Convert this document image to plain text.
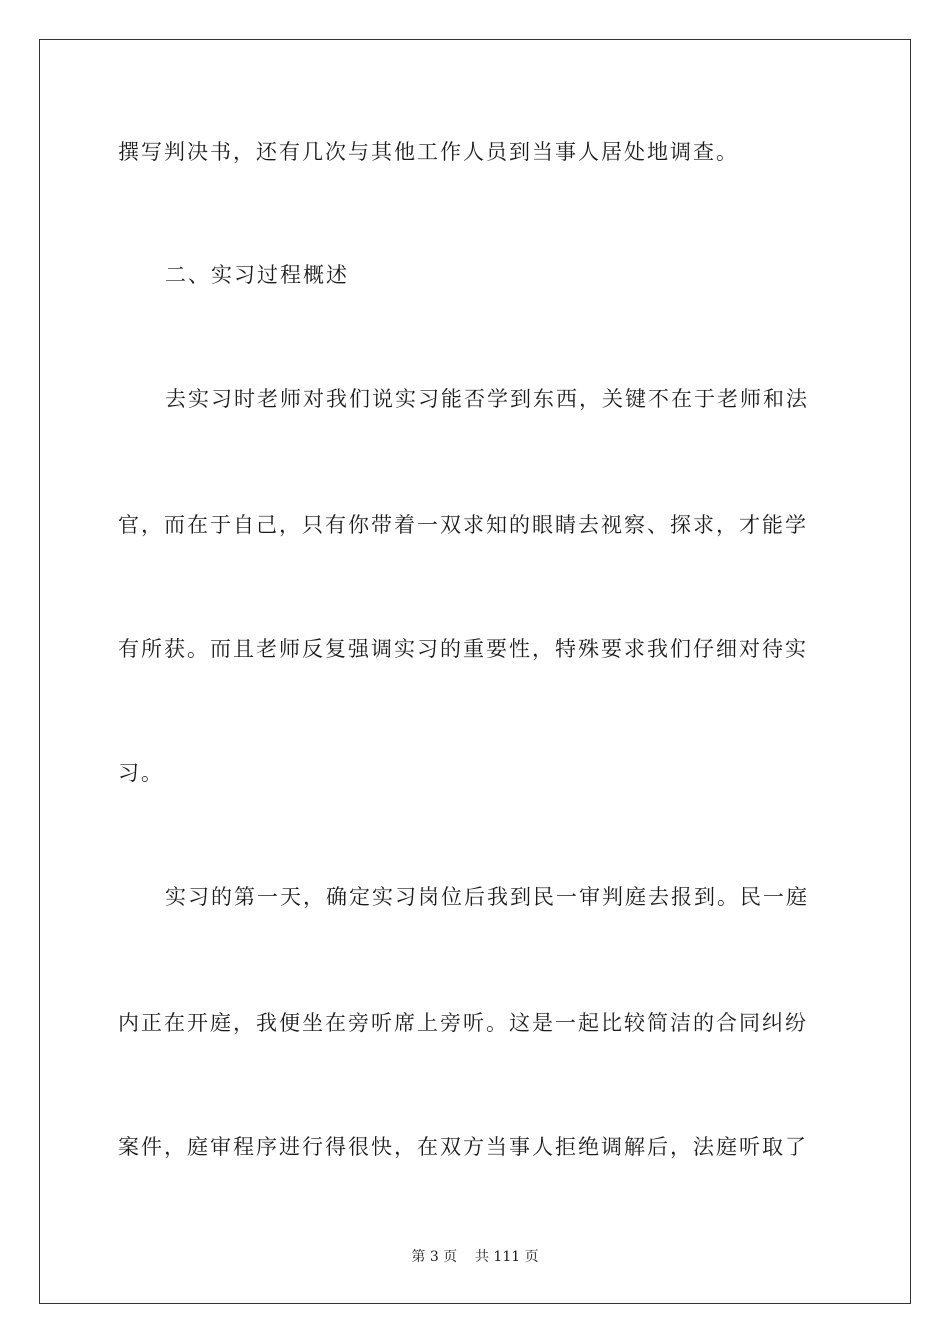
撰写判决书，还有几次与其他工作人员到当事人居处地调查。
二、实习过程概述
去实习时老师对我们说实习能否学到东西，关键不在于老师和法
官，而在于自己，只有你带着一双求知的眼睛去视察、探求，才能学
有所获。而且老师反复强调实习的重要性，特殊要求我们仔细对待实
习。
实习的第一天，确定实习岗位后我到民一审判庭去报到。民一庭
内正在开庭，我便坐在旁听席上旁听。这是一起比较简洁的合同纠纷
案件，庭审程序进行得很快，在双方当事人拒绝调解后，法庭听取了
第 3 页    共 111 页
